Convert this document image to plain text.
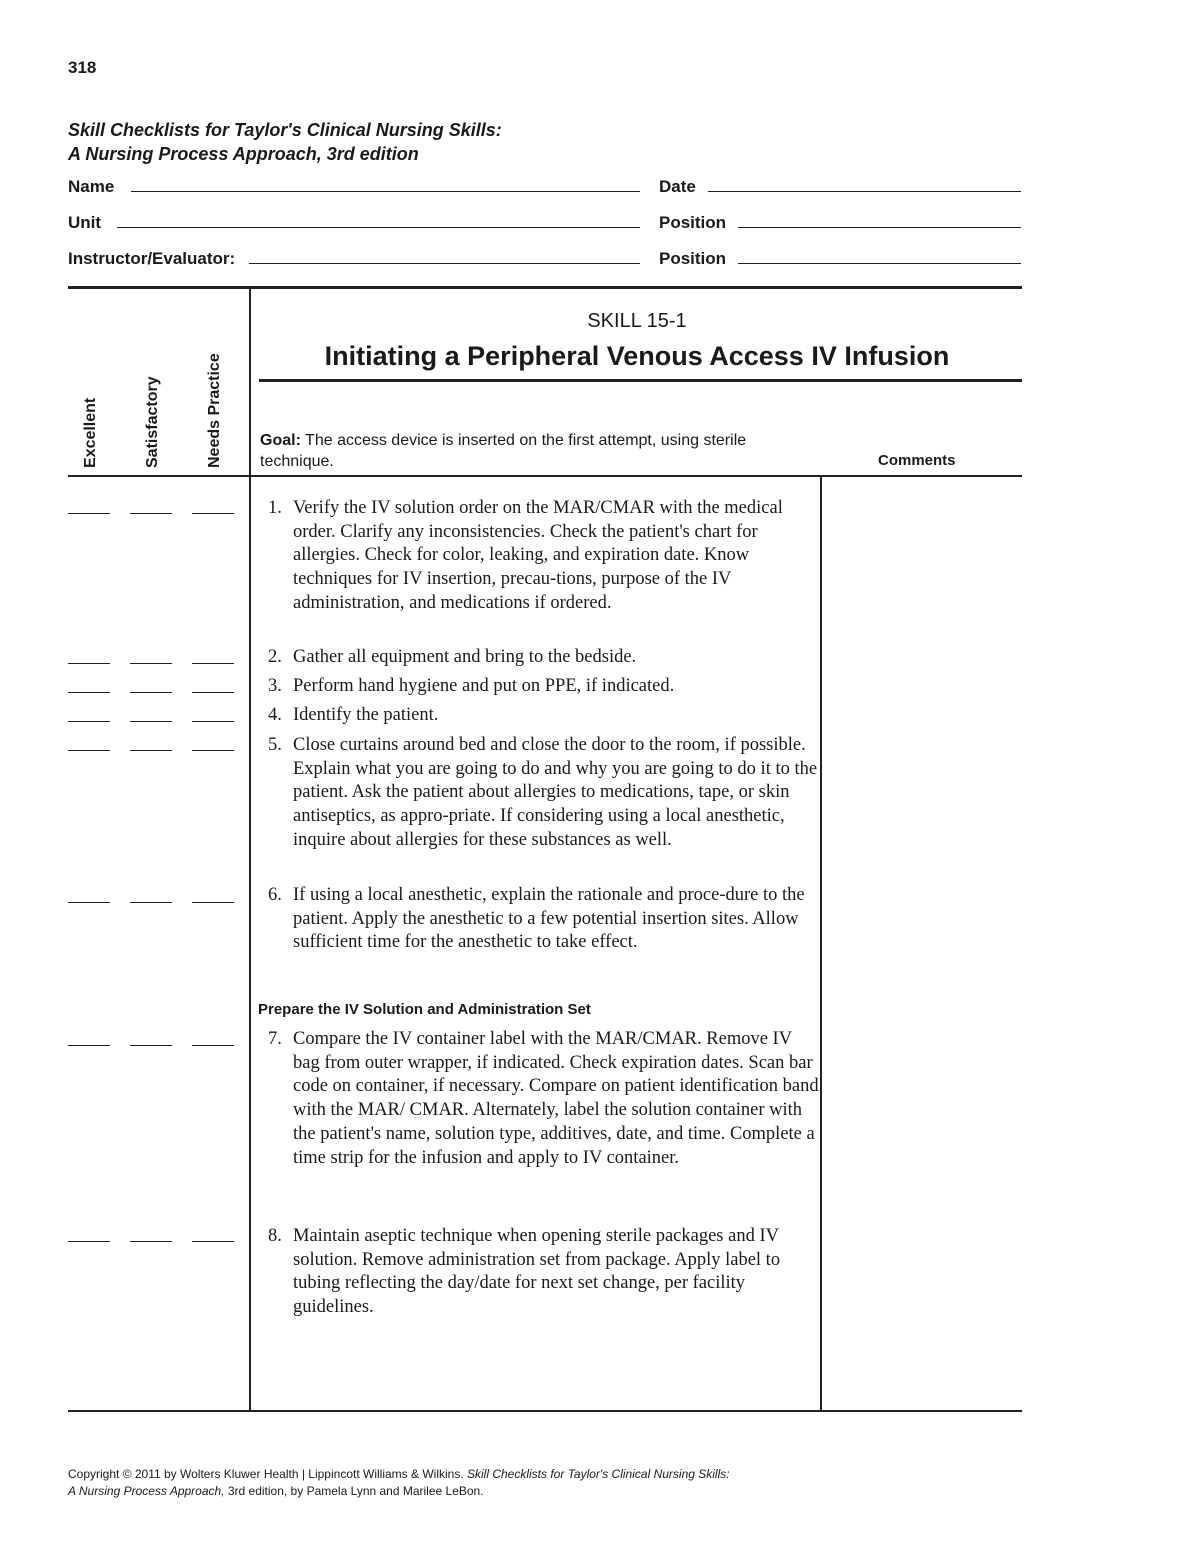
318
Skill Checklists for Taylor's Clinical Nursing Skills:
A Nursing Process Approach, 3rd edition
Name	Date
Unit	Position
Instructor/Evaluator:	Position
Excellent	Satisfactory	Needs Practice
SKILL 15-1
Initiating a Peripheral Venous Access IV Infusion
Goal: The access device is inserted on the first attempt, using sterile technique.	Comments
1. Verify the IV solution order on the MAR/CMAR with the medical order. Clarify any inconsistencies. Check the patient's chart for allergies. Check for color, leaking, and expiration date. Know techniques for IV insertion, precau-tions, purpose of the IV administration, and medications if ordered.
2. Gather all equipment and bring to the bedside.
3. Perform hand hygiene and put on PPE, if indicated.
4. Identify the patient.
5. Close curtains around bed and close the door to the room, if possible. Explain what you are going to do and why you are going to do it to the patient. Ask the patient about allergies to medications, tape, or skin antiseptics, as appro-priate. If considering using a local anesthetic, inquire about allergies for these substances as well.
6. If using a local anesthetic, explain the rationale and proce-dure to the patient. Apply the anesthetic to a few potential insertion sites. Allow sufficient time for the anesthetic to take effect.
Prepare the IV Solution and Administration Set
7. Compare the IV container label with the MAR/CMAR. Remove IV bag from outer wrapper, if indicated. Check expiration dates. Scan bar code on container, if necessary. Compare on patient identification band with the MAR/ CMAR. Alternately, label the solution container with the patient's name, solution type, additives, date, and time. Complete a time strip for the infusion and apply to IV container.
8. Maintain aseptic technique when opening sterile packages and IV solution. Remove administration set from package. Apply label to tubing reflecting the day/date for next set change, per facility guidelines.
Copyright © 2011 by Wolters Kluwer Health | Lippincott Williams & Wilkins. Skill Checklists for Taylor's Clinical Nursing Skills:
A Nursing Process Approach, 3rd edition, by Pamela Lynn and Marilee LeBon.
